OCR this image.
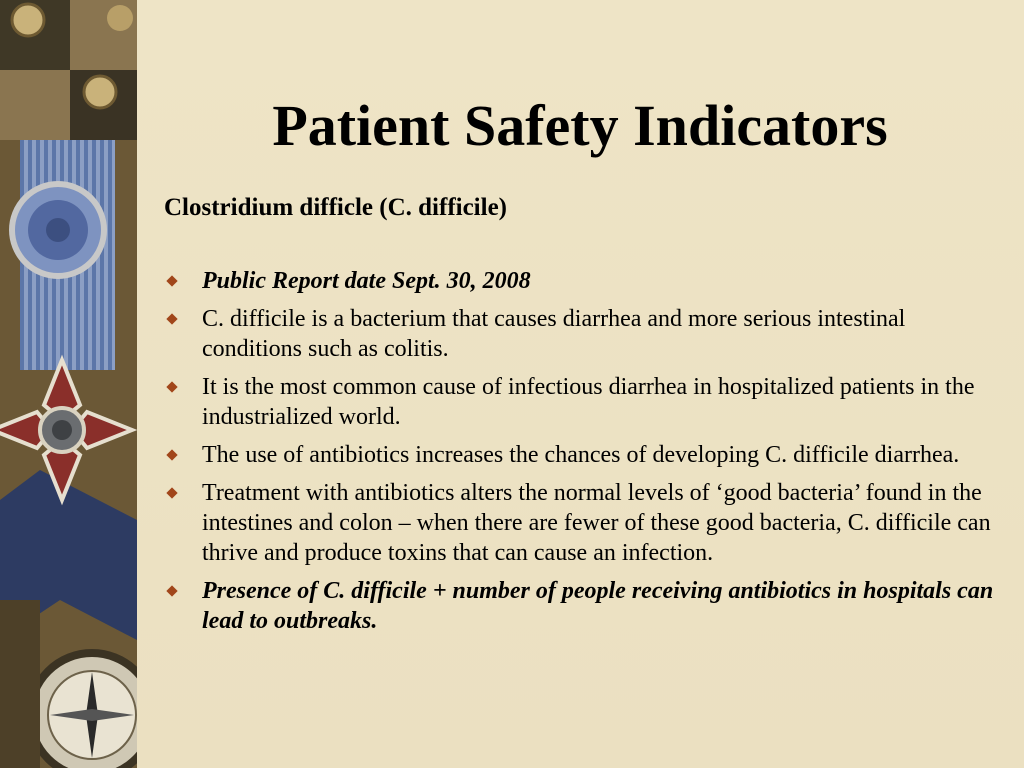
Patient Safety Indicators
Clostridium difficle (C. difficile)
Public Report date Sept. 30, 2008
C. difficile is a bacterium that causes diarrhea and more serious intestinal conditions such as colitis.
It is the most common cause of infectious diarrhea in hospitalized patients in the industrialized world.
The use of antibiotics increases the chances of developing C. difficile diarrhea.
Treatment with antibiotics alters the normal levels of ‘good bacteria’ found in the intestines and colon – when there are fewer of these good bacteria, C. difficile can thrive and produce toxins that can cause an infection.
Presence of C. difficile + number of people receiving antibiotics in hospitals can lead to outbreaks.
